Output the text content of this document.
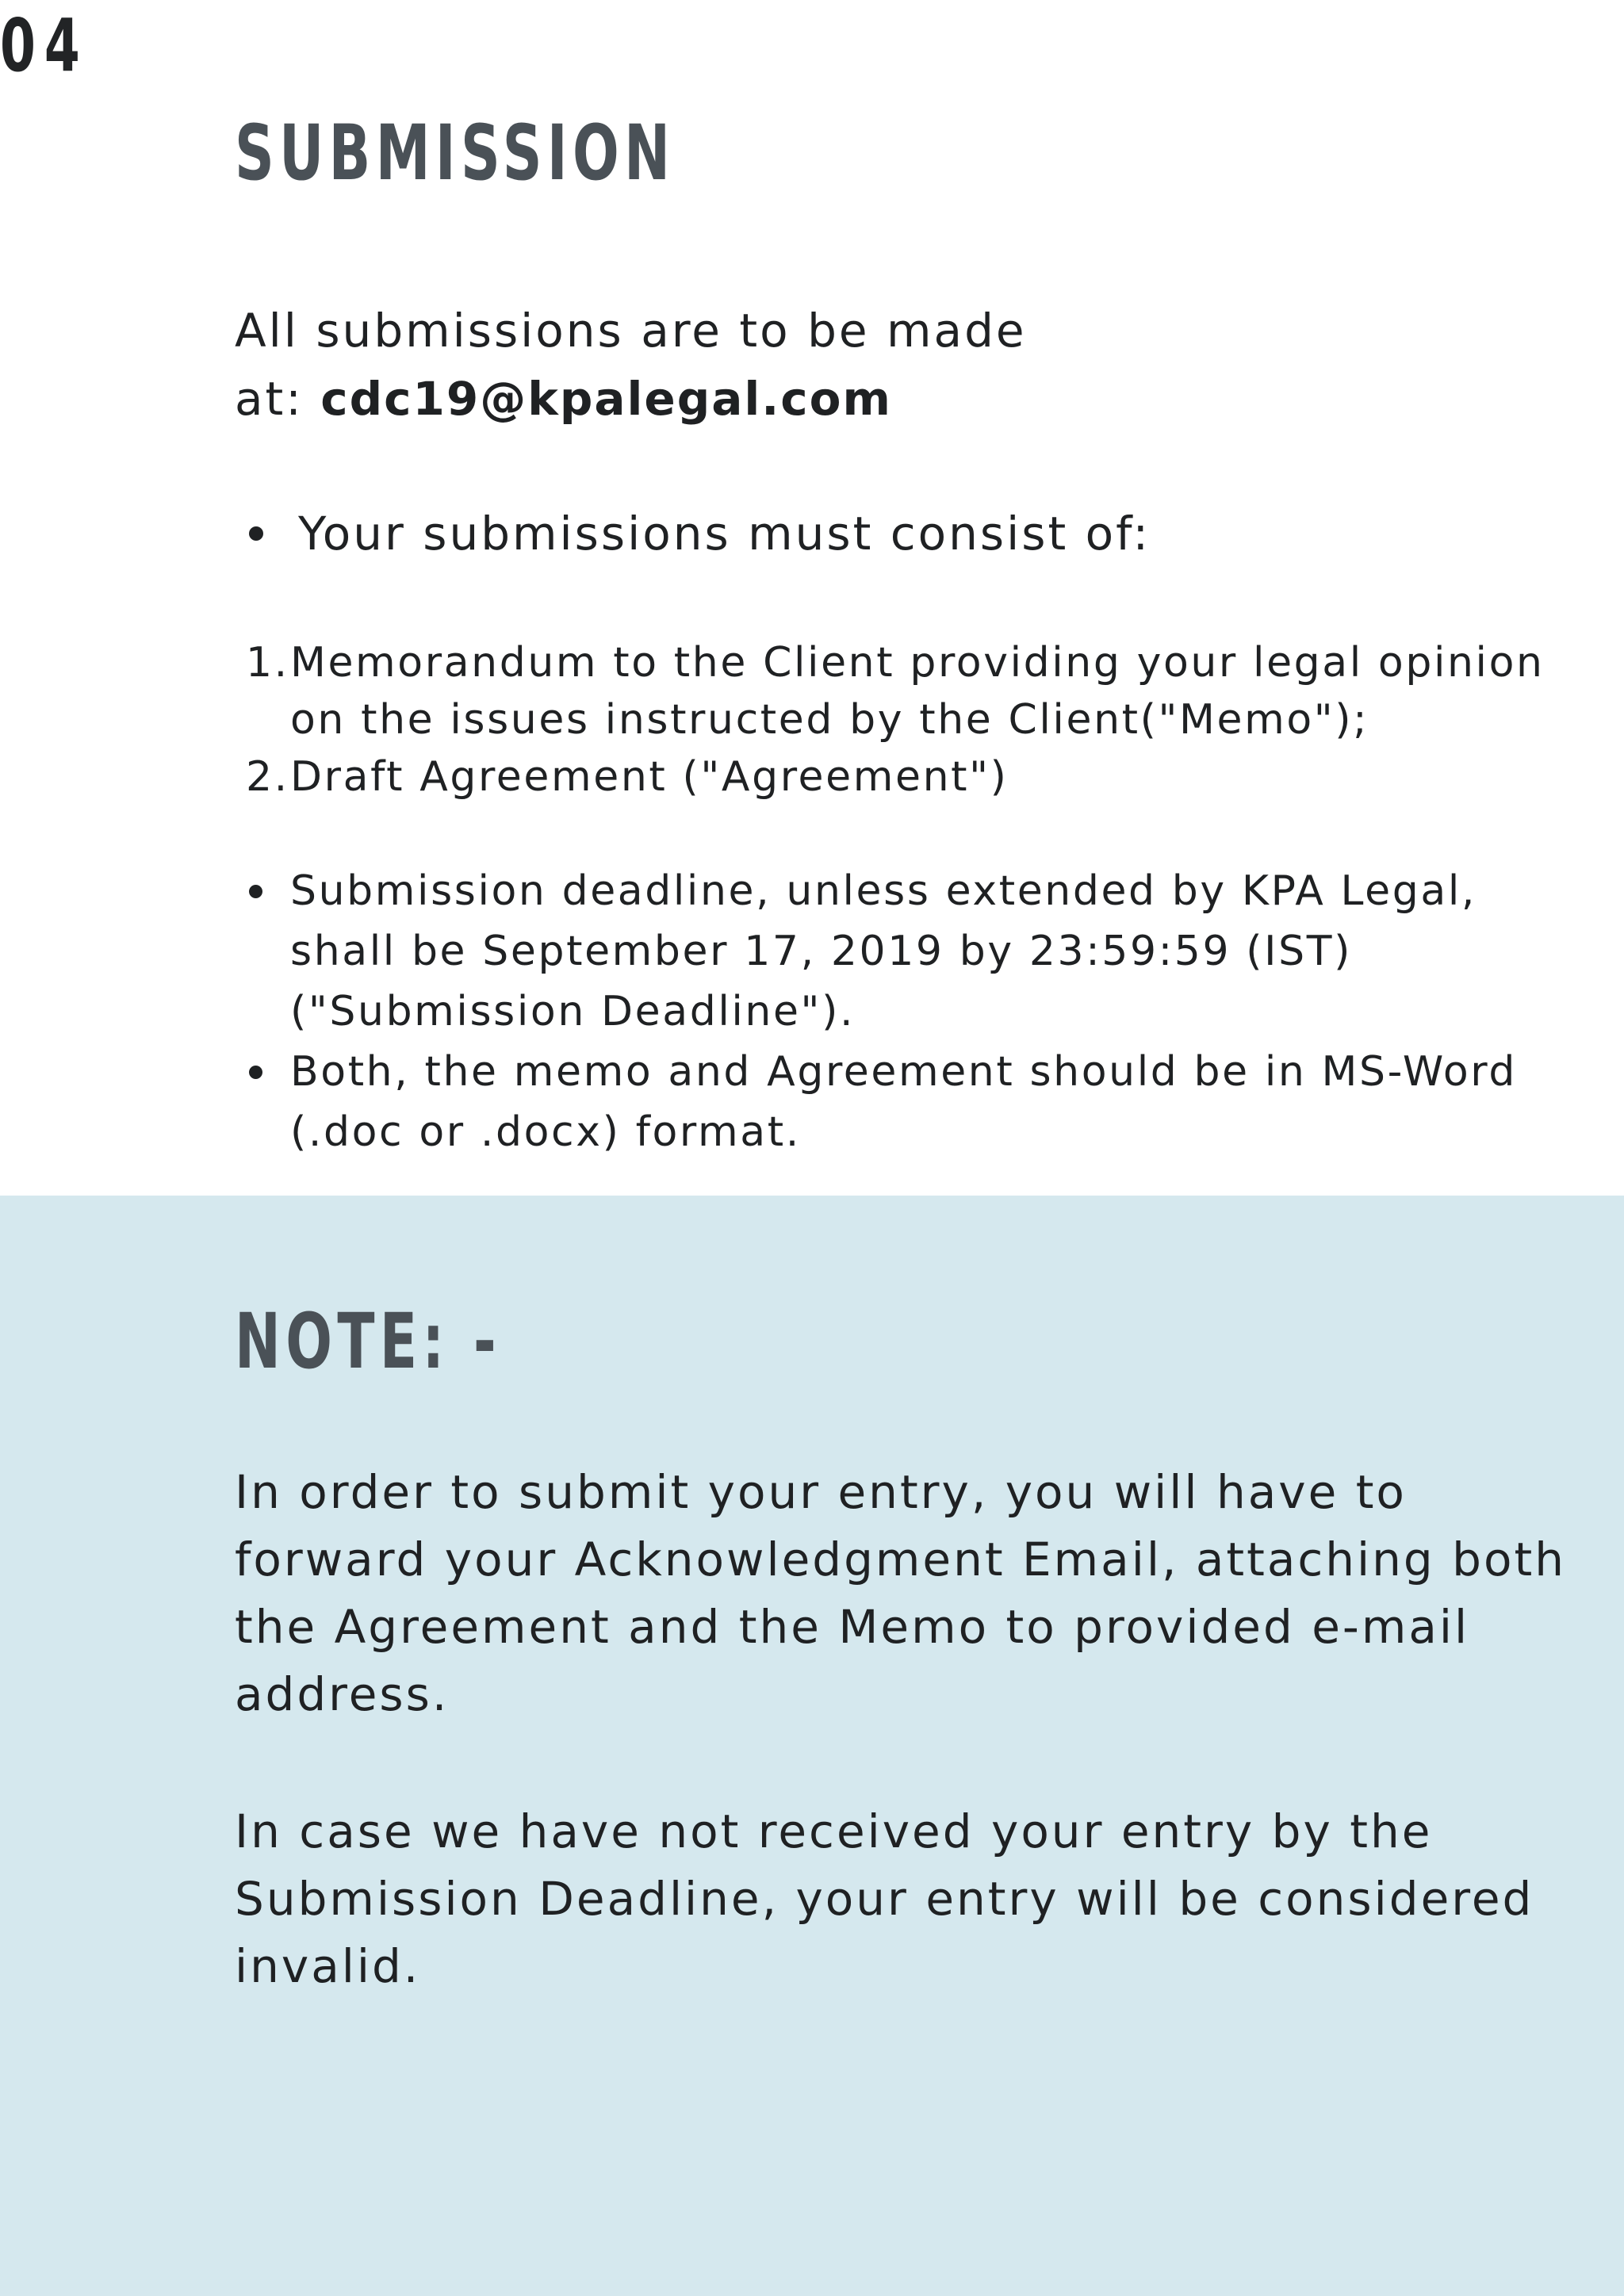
04
SUBMISSION
All submissions are to be made
at: cdc19@kpalegal.com
Your submissions must consist of:
1. Memorandum to the Client providing your legal opinion
on the issues instructed by the Client("Memo");
2. Draft Agreement ("Agreement")
Submission deadline, unless extended by KPA Legal,
shall be September 17, 2019 by 23:59:59 (IST)
("Submission Deadline").
Both, the memo and Agreement should be in MS-Word
(.doc or .docx) format.
NOTE: -
In order to submit your entry, you will have to
forward your Acknowledgment Email, attaching both
the Agreement and the Memo to provided e-mail
address.
In case we have not received your entry by the
Submission Deadline, your entry will be considered
invalid.
